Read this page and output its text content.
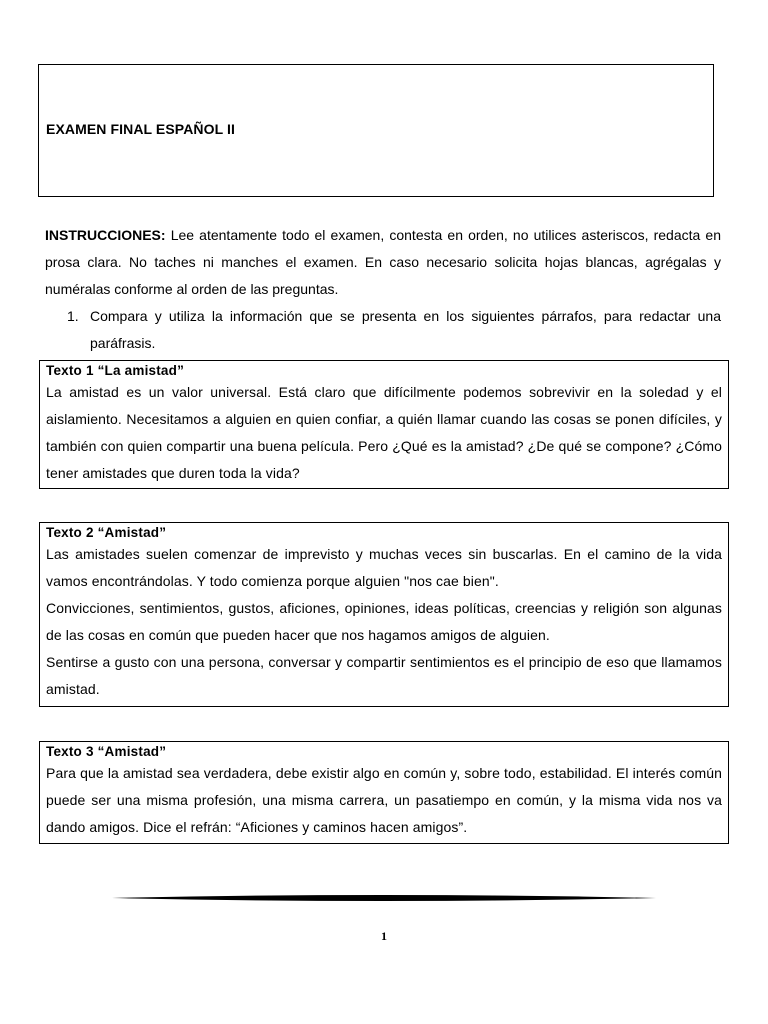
EXAMEN FINAL ESPAÑOL II
INSTRUCCIONES: Lee atentamente todo el examen, contesta en orden, no utilices asteriscos, redacta en prosa clara. No taches ni manches el examen. En caso necesario solicita hojas blancas, agrégalas y numéralas conforme al orden de las preguntas.
1. Compara y utiliza la información que se presenta en los siguientes párrafos, para redactar una paráfrasis.
Texto 1 “La amistad”

La amistad es un valor universal. Está claro que difícilmente podemos sobrevivir en la soledad y el aislamiento. Necesitamos a alguien en quien confiar, a quién llamar cuando las cosas se ponen difíciles, y también con quien compartir una buena película. Pero ¿Qué es la amistad? ¿De qué se compone? ¿Cómo tener amistades que duren toda la vida?

Texto 2 “Amistad”

Las amistades suelen comenzar de imprevisto y muchas veces sin buscarlas. En el camino de la vida vamos encontrándolas. Y todo comienza porque alguien "nos cae bien".

Convicciones, sentimientos, gustos, aficiones, opiniones, ideas políticas, creencias y religión son algunas de las cosas en común que pueden hacer que nos hagamos amigos de alguien.

Sentirse a gusto con una persona, conversar y compartir sentimientos es el principio de eso que llamamos amistad.

Texto 3 “Amistad”

Para que la amistad sea verdadera, debe existir algo en común y, sobre todo, estabilidad. El interés común puede ser una misma profesión, una misma carrera, un pasatiempo en común, y la misma vida nos va dando amigos. Dice el refrán: “Aficiones y caminos hacen amigos”.

1
